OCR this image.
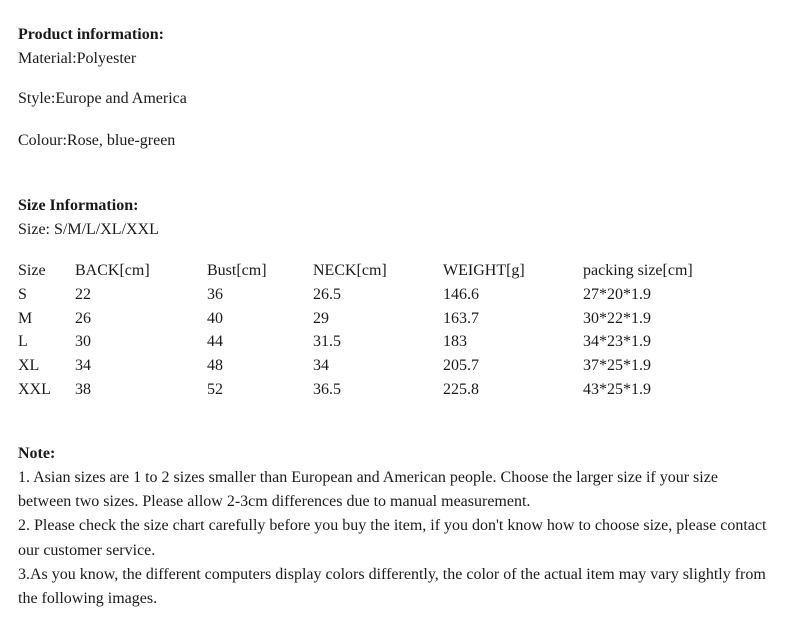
Product information:
Material:Polyester
Style:Europe and America
Colour:Rose, blue-green
Size Information:
Size: S/M/L/XL/XXL
Size	BACK[cm]	Bust[cm]	NECK[cm]	WEIGHT[g]	packing size[cm]
S	22	36	26.5	146.6	27*20*1.9
M	26	40	29	163.7	30*22*1.9
L	30	44	31.5	183	34*23*1.9
XL	34	48	34	205.7	37*25*1.9
XXL	38	52	36.5	225.8	43*25*1.9
Note:

1. Asian sizes are 1 to 2 sizes smaller than European and American people. Choose the larger size if your size between two sizes. Please allow 2-3cm differences due to manual measurement.

2. Please check the size chart carefully before you buy the item, if you don't know how to choose size, please contact our customer service.

3.As you know, the different computers display colors differently, the color of the actual item may vary slightly from the following images.
